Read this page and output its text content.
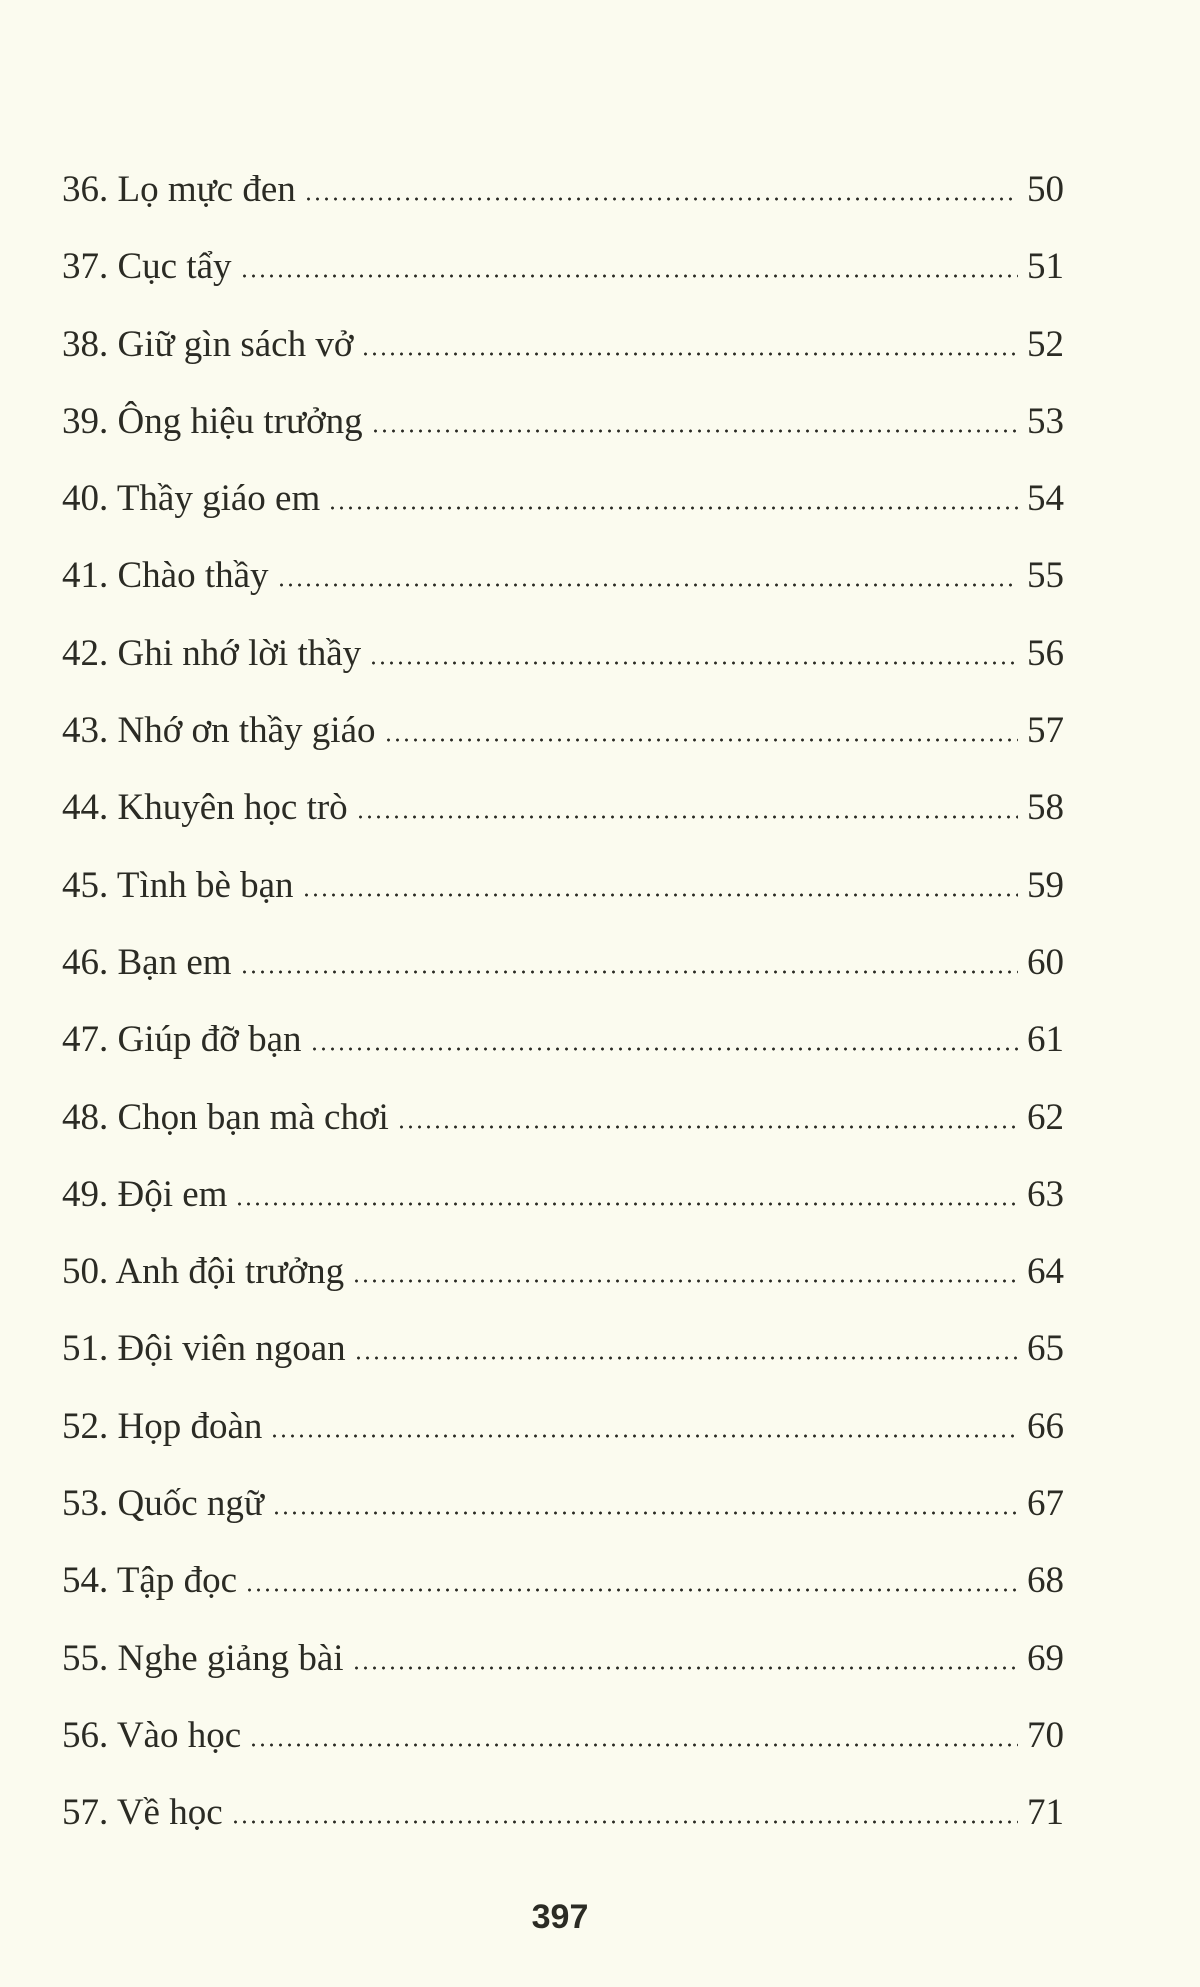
36. Lọ mực đen	50
37. Cục tẩy	51
38. Giữ gìn sách vở	52
39. Ông hiệu trưởng	53
40. Thầy giáo em	54
41. Chào thầy	55
42. Ghi nhớ lời thầy	56
43. Nhớ ơn thầy giáo	57
44. Khuyên học trò	58
45. Tình bè bạn	59
46. Bạn em	60
47. Giúp đỡ bạn	61
48. Chọn bạn mà chơi	62
49. Đội em	63
50. Anh đội trưởng	64
51. Đội viên ngoan	65
52. Họp đoàn	66
53. Quốc ngữ	67
54. Tập đọc	68
55. Nghe giảng bài	69
56. Vào học	70
57. Về học	71
397
